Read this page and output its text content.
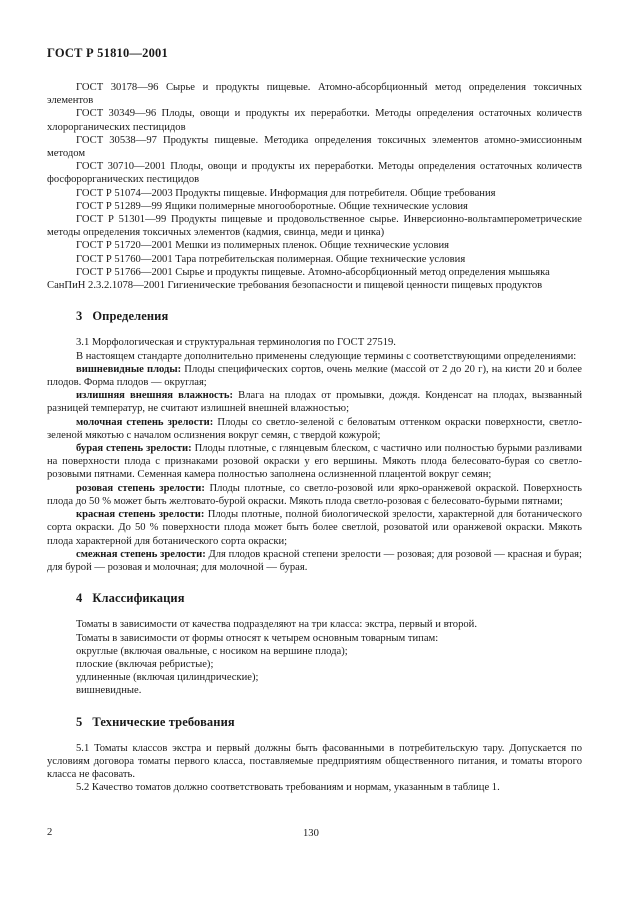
ГОСТ Р 51810—2001

ГОСТ 30178—96 Сырье и продукты пищевые. Атомно-абсорбционный метод определения токсичных элементов

ГОСТ 30349—96 Плоды, овощи и продукты их переработки. Методы определения остаточных количеств хлорорганических пестицидов

ГОСТ 30538—97 Продукты пищевые. Методика определения токсичных элементов атомно-эмиссионным методом

ГОСТ 30710—2001 Плоды, овощи и продукты их переработки. Методы определения остаточных количеств фосфорорганических пестицидов

ГОСТ Р 51074—2003 Продукты пищевые. Информация для потребителя. Общие требования

ГОСТ Р 51289—99 Ящики полимерные многооборотные. Общие технические условия

ГОСТ Р 51301—99 Продукты пищевые и продовольственное сырье. Инверсионно-вольтамперометрические методы определения токсичных элементов (кадмия, свинца, меди и цинка)

ГОСТ Р 51720—2001 Мешки из полимерных пленок. Общие технические условия

ГОСТ Р 51760—2001 Тара потребительская полимерная. Общие технические условия

ГОСТ Р 51766—2001 Сырье и продукты пищевые. Атомно-абсорбционный метод определения мышьяка

СанПиН 2.3.2.1078—2001 Гигиенические требования безопасности и пищевой ценности пищевых продуктов

3 Определения

3.1 Морфологическая и структуральная терминология по ГОСТ 27519.

В настоящем стандарте дополнительно применены следующие термины с соответствующими определениями:

вишневидные плоды: Плоды специфических сортов, очень мелкие (массой от 2 до 20 г), на кисти 20 и более плодов. Форма плодов — округлая;

излишняя внешняя влажность: Влага на плодах от промывки, дождя. Конденсат на плодах, вызванный разницей температур, не считают излишней внешней влажностью;

молочная степень зрелости: Плоды со светло-зеленой с беловатым оттенком окраски поверхности, светло-зеленой мякотью с началом ослизнения вокруг семян, с твердой кожурой;

бурая степень зрелости: Плоды плотные, с глянцевым блеском, с частично или полностью бурыми разливами на поверхности плода с признаками розовой окраски у его вершины. Мякоть плода белесовато-бурая со светло-розовыми пятнами. Семенная камера полностью заполнена ослизненной плацентой вокруг семян;

розовая степень зрелости: Плоды плотные, со светло-розовой или ярко-оранжевой окраской. Поверхность плода до 50 % может быть желтовато-бурой окраски. Мякоть плода светло-розовая с белесовато-бурыми пятнами;

красная степень зрелости: Плоды плотные, полной биологической зрелости, характерной для ботанического сорта окраски. До 50 % поверхности плода может быть более светлой, розоватой или оранжевой окраски. Мякоть плода характерной для ботанического сорта окраски;

смежная степень зрелости: Для плодов красной степени зрелости — розовая; для розовой — красная и бурая; для бурой — розовая и молочная; для молочной — бурая.

4 Классификация

Томаты в зависимости от качества подразделяют на три класса: экстра, первый и второй.

Томаты в зависимости от формы относят к четырем основным товарным типам:

округлые (включая овальные, с носиком на вершине плода);

плоские (включая ребристые);

удлиненные (включая цилиндрические);

вишневидные.

5 Технические требования

5.1 Томаты классов экстра и первый должны быть фасованными в потребительскую тару. Допускается по условиям договора томаты первого класса, поставляемые предприятиям общественного питания, и томаты второго класса не фасовать.

5.2 Качество томатов должно соответствовать требованиям и нормам, указанным в таблице 1.

2	130
